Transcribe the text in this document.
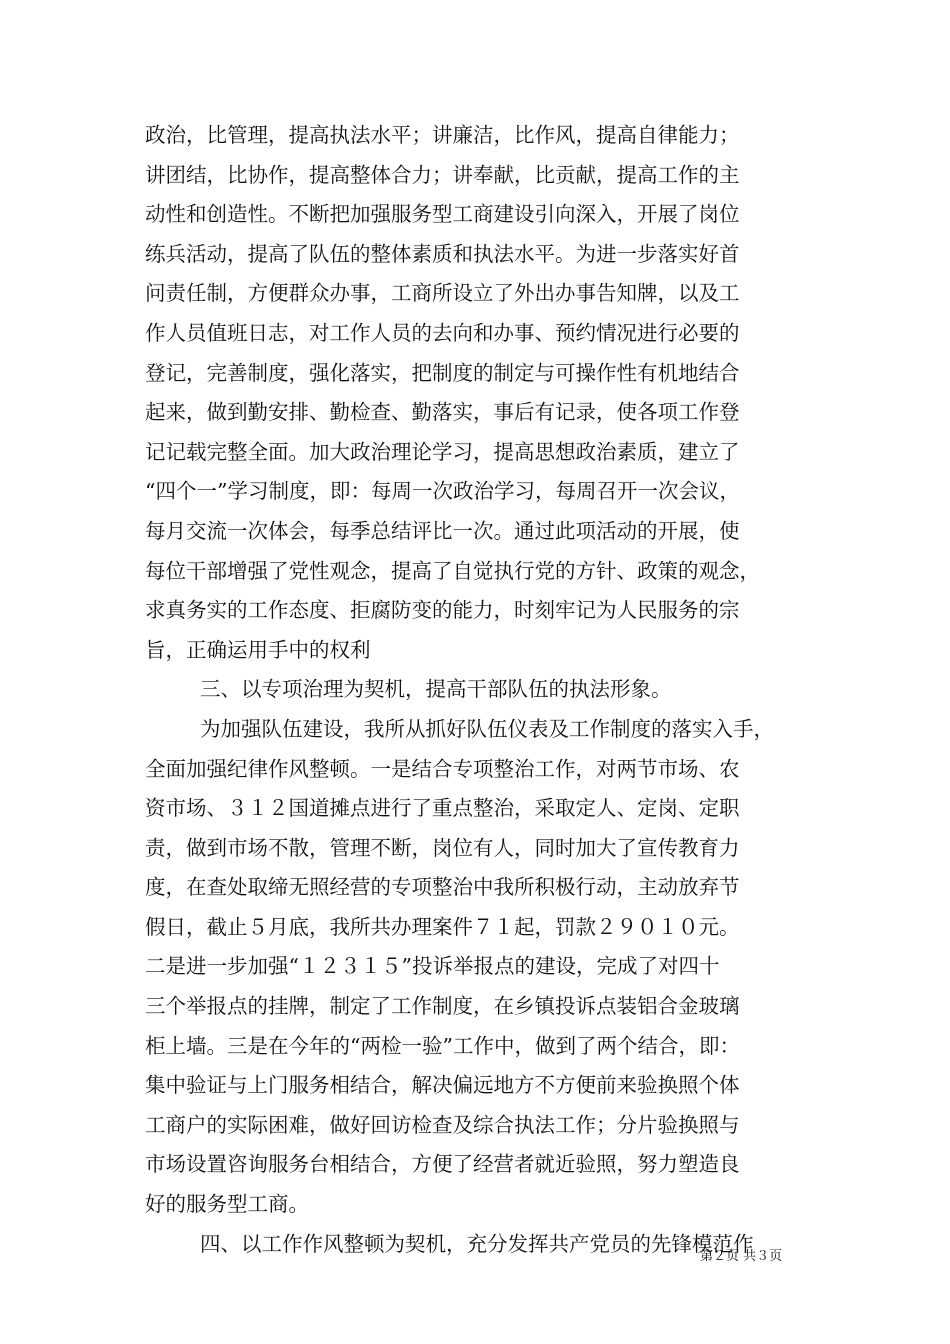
政治，比管理，提高执法水平；讲廉洁，比作风，提高自律能力；
讲团结，比协作，提高整体合力；讲奉献，比贡献，提高工作的主
动性和创造性。不断把加强服务型工商建设引向深入，开展了岗位
练兵活动，提高了队伍的整体素质和执法水平。为进一步落实好首
问责任制，方便群众办事，工商所设立了外出办事告知牌，以及工
作人员值班日志，对工作人员的去向和办事、预约情况进行必要的
登记，完善制度，强化落实，把制度的制定与可操作性有机地结合
起来，做到勤安排、勤检查、勤落实，事后有记录，使各项工作登
记记载完整全面。加大政治理论学习，提高思想政治素质，建立了
“四个一”学习制度，即：每周一次政治学习，每周召开一次会议，
每月交流一次体会，每季总结评比一次。通过此项活动的开展，使
每位干部增强了党性观念，提高了自觉执行党的方针、政策的观念，
求真务实的工作态度、拒腐防变的能力，时刻牢记为人民服务的宗
旨，正确运用手中的权利
三、以专项治理为契机，提高干部队伍的执法形象。
为加强队伍建设，我所从抓好队伍仪表及工作制度的落实入手，
全面加强纪律作风整顿。一是结合专项整治工作，对两节市场、农
资市场、３１２国道摊点进行了重点整治，采取定人、定岗、定职
责，做到市场不散，管理不断，岗位有人，同时加大了宣传教育力
度，在查处取缔无照经营的专项整治中我所积极行动，主动放弃节
假日，截止５月底，我所共办理案件７１起，罚款２９０１０元。
二是进一步加强“１２３１５”投诉举报点的建设，完成了对四十
三个举报点的挂牌，制定了工作制度，在乡镇投诉点装铝合金玻璃
柜上墙。三是在今年的“两检一验”工作中，做到了两个结合，即：
集中验证与上门服务相结合，解决偏远地方不方便前来验换照个体
工商户的实际困难，做好回访检查及综合执法工作；分片验换照与
市场设置咨询服务台相结合，方便了经营者就近验照，努力塑造良
好的服务型工商。
四、以工作作风整顿为契机，充分发挥共产党员的先锋模范作
第２页 共３页
